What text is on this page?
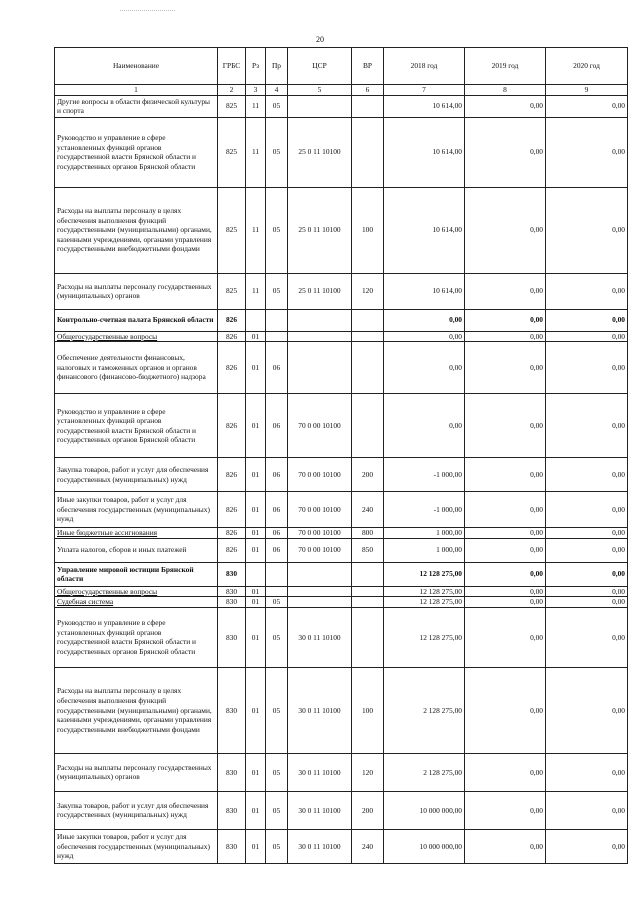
20
Наименование	ГРБС	Рз	Пр	ЦСР	ВР	2018 год	2019 год	2020 год
1	2	3	4	5	6	7	8	9
Другие вопросы в области физической культуры и спорта	825	11	05			10 614,00	0,00	0,00
Руководство и управление в сфере установленных функций органов государственной власти Брянской области и государственных органов Брянской области	825	11	05	25 0 11 10100		10 614,00	0,00	0,00
Расходы на выплаты персоналу в целях обеспечения выполнения функций государственными (муниципальными) органами, казенными учреждениями, органами управления государственными внебюджетными фондами	825	11	05	25 0 11 10100	100	10 614,00	0,00	0,00
Расходы на выплаты персоналу государственных (муниципальных) органов	825	11	05	25 0 11 10100	120	10 614,00	0,00	0,00
Контрольно-счетная палата Брянской области	826					0,00	0,00	0,00
Общегосударственные вопросы	826	01				0,00	0,00	0,00
Обеспечение деятельности финансовых, налоговых и таможенных органов и органов финансового (финансово-бюджетного) надзора	826	01	06			0,00	0,00	0,00
Руководство и управление в сфере установленных функций органов государственной власти Брянской области и государственных органов Брянской области	826	01	06	70 0 00 10100		0,00	0,00	0,00
Закупка товаров, работ и услуг для обеспечения государственных (муниципальных) нужд	826	01	06	70 0 00 10100	200	-1 000,00	0,00	0,00
Иные закупки товаров, работ и услуг для обеспечения государственных (муниципальных) нужд	826	01	06	70 0 00 10100	240	-1 000,00	0,00	0,00
Иные бюджетные ассигнования	826	01	06	70 0 00 10100	800	1 000,00	0,00	0,00
Уплата налогов, сборов и иных платежей	826	01	06	70 0 00 10100	850	1 000,00	0,00	0,00
Управление мировой юстиции Брянской области	830					12 128 275,00	0,00	0,00
Общегосударственные вопросы	830	01				12 128 275,00	0,00	0,00
Судебная система	830	01	05			12 128 275,00	0,00	0,00
Руководство и управление в сфере установленных функций органов государственной власти Брянской области и государственных органов Брянской области	830	01	05	30 0 11 10100		12 128 275,00	0,00	0,00
Расходы на выплаты персоналу в целях обеспечения выполнения функций государственными (муниципальными) органами, казенными учреждениями, органами управления государственными внебюджетными фондами	830	01	05	30 0 11 10100	100	2 128 275,00	0,00	0,00
Расходы на выплаты персоналу государственных (муниципальных) органов	830	01	05	30 0 11 10100	120	2 128 275,00	0,00	0,00
Закупка товаров, работ и услуг для обеспечения государственных (муниципальных) нужд	830	01	05	30 0 11 10100	200	10 000 000,00	0,00	0,00
Иные закупки товаров, работ и услуг для обеспечения государственных (муниципальных) нужд	830	01	05	30 0 11 10100	240	10 000 000,00	0,00	0,00
